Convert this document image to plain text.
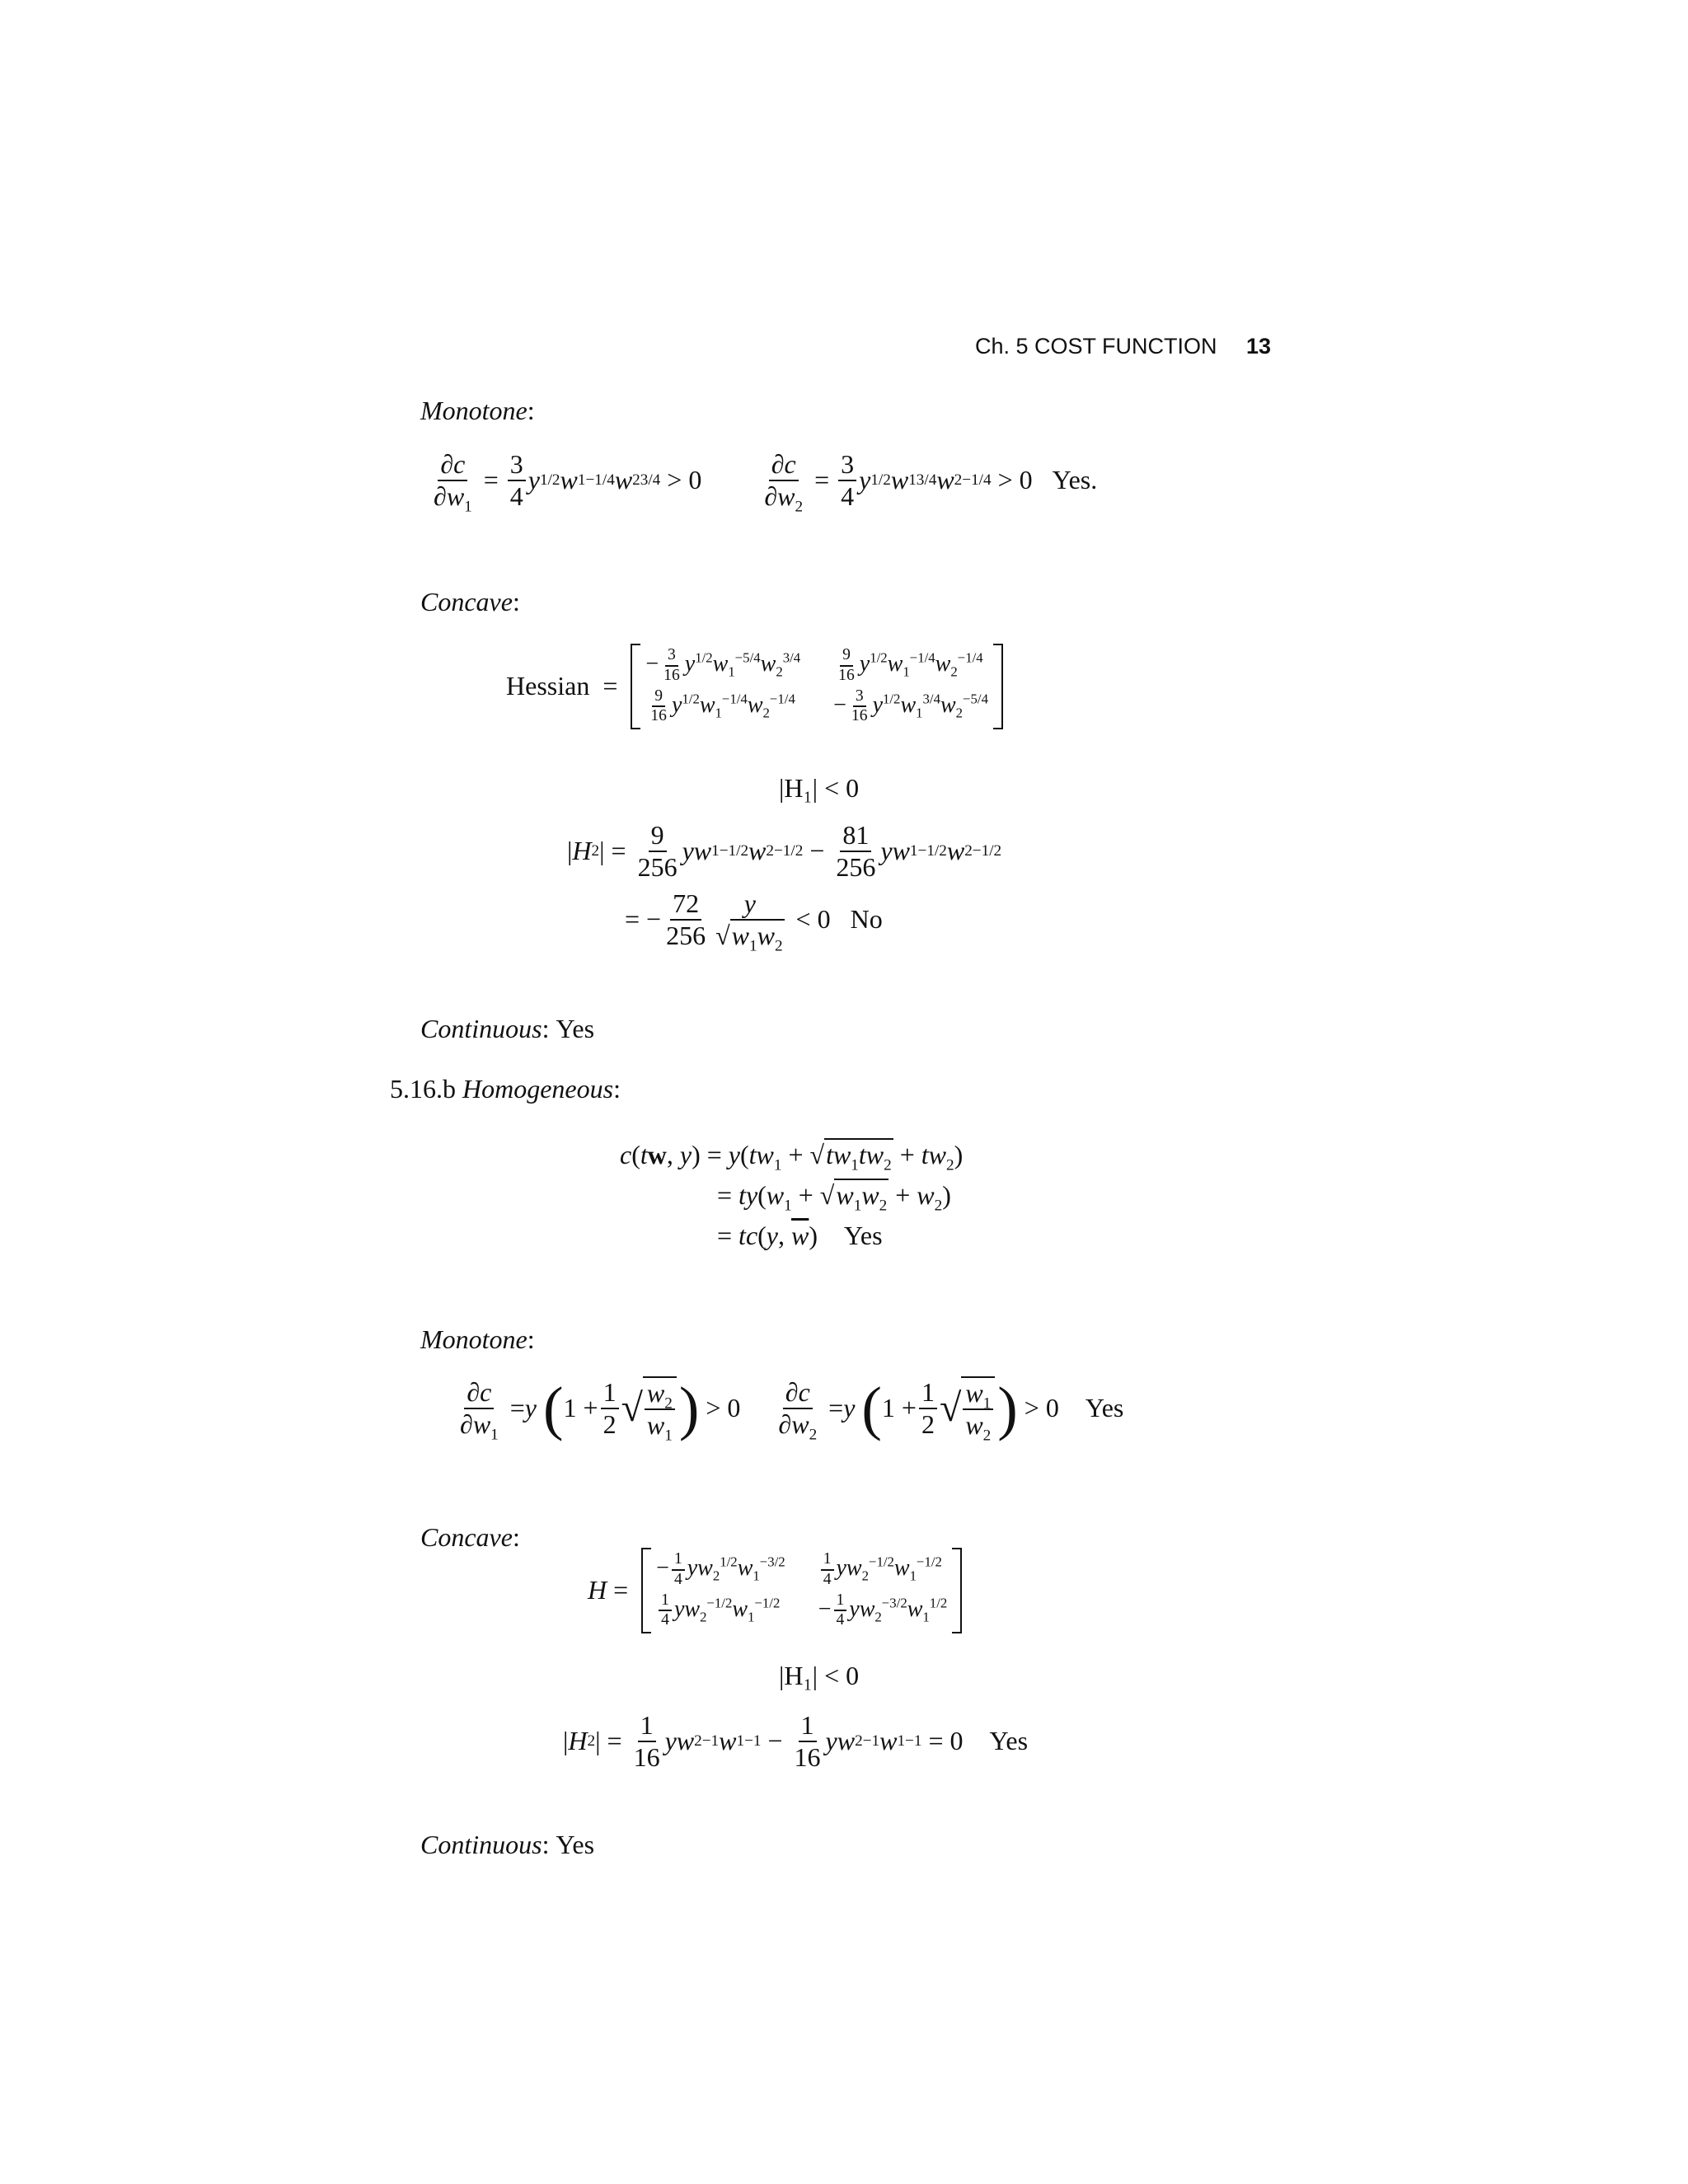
Ch. 5 COST FUNCTION 13
Monotone:
$\frac{\partial c}{\partial w_1} = \frac{3}{4}$ y 1/2 w 1 −1/4 w 2 $3/4 > 0 \frac{\partial c}{\partial w_2} = \frac{3}{4}$ y 1/2 w 1 3/4 w 2 −1/4 > 0 Yes.
Concave:
Hessian =
− $\frac{3}{16} y^{1/2}w_1^{-5/4}w_2^{3/4} \frac{9}{16} y^{1/2}w_1^{-1/4}w_2^{-1/4}$
$\frac{9}{16} y^{1/2}w_1^{-1/4}w_2^{-1/4} - \frac{3}{16} y^{1/2}w_1^{3/4}w_2^{-5/4}$
|H₁| < 0
| H 2 | = $\frac{9}{256}$ yw 1 −1/2 w $2 -1/2 - \frac{81}{256}$ yw 1 −1/2 w 2 −1/2
= − $\frac{72}{256} \frac{y}{√w_1w_2} < 0$ No
Continuous: Yes
5.16.b Homogeneous:
c(tw, $y) = y(tw_1 + √tw_1tw_2 + tw_2)$
= $ty(w_1 + √w_1w_2 + w_2)$
= tc(y, $\overline{w}$)    Yes
Monotone:
$\frac{\partial c}{\partial w_1} = y$
( $1 + \frac{1}{2}$ √ $\frac{w_2}{w_1}$ ) > $0 \frac{\partial c}{\partial w_2} = y$
( $1 + \frac{1}{2}$ √ $\frac{w_1}{w_2}$ ) > 0 Yes
Concave:
H =
− $\frac{1}{4} yw_2^{1/2}w_1^{-3/2} \frac{1}{4} yw_2^{-1/2}w_1^{-1/2}$
$\frac{1}{4} yw_2^{-1/2}w_1^{-1/2} - \frac{1}{4} yw_2^{-3/2}w_1^{1/2}$
|H₁| < 0
| H 2 | = $\frac{1}{16}$ yw 2 −1 w $1 -1 - \frac{1}{16}$ yw 2 −1 w 1 −1 = 0 Yes
Continuous: Yes
